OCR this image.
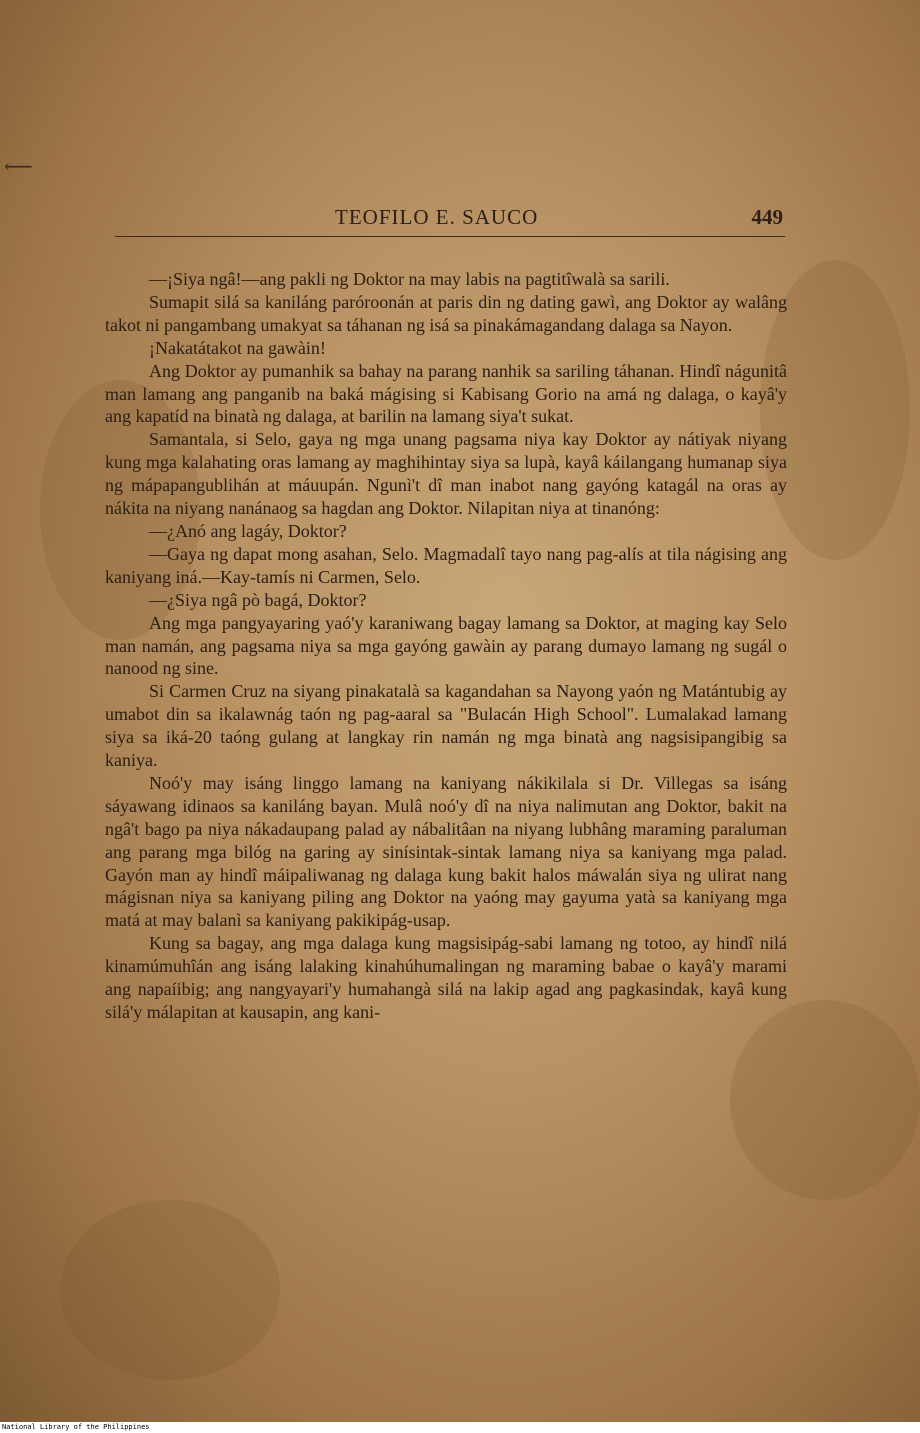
⟵
TEOFILO E. SAUCO	449

—¡Siya ngâ!—ang pakli ng Doktor na may labis na pagtitîwalà sa sarili.

Sumapit silá sa kaniláng paróroonán at paris din ng dating gawì, ang Doktor ay walâng takot ni pangambang umakyat sa táhanan ng isá sa pinakámagandang dalaga sa Nayon.

¡Nakatátakot na gawàin!

Ang Doktor ay pumanhik sa bahay na parang nanhik sa sariling táhanan. Hindî nágunitâ man lamang ang panganib na baká mágising si Kabisang Gorio na amá ng dalaga, o kayâ'y ang kapatíd na binatà ng dalaga, at barilin na lamang siya't sukat.

Samantala, si Selo, gaya ng mga unang pagsama niya kay Doktor ay nátiyak niyang kung mga kalahating oras lamang ay maghihintay siya sa lupà, kayâ káilangang humanap siya ng mápapangublihán at máuupán. Ngunì't dî man inabot nang gayóng katagál na oras ay nákita na niyang nanánaog sa hagdan ang Doktor. Nilapitan niya at tinanóng:

—¿Anó ang lagáy, Doktor?

—Gaya ng dapat mong asahan, Selo. Magmadalî tayo nang pag-alís at tila nágising ang kaniyang iná.—Kay-tamís ni Carmen, Selo.

—¿Siya ngâ pò bagá, Doktor?

Ang mga pangyayaring yaó'y karaniwang bagay lamang sa Doktor, at maging kay Selo man namán, ang pagsama niya sa mga gayóng gawàin ay parang dumayo lamang ng sugál o nanood ng sine.

Si Carmen Cruz na siyang pinakatalà sa kagandahan sa Nayong yaón ng Matántubig ay umabot din sa ikalawnág taón ng pag-aaral sa "Bulacán High School". Lumalakad lamang siya sa iká-20 taóng gulang at langkay rin namán ng mga binatà ang nagsisipangibig sa kaniya.

Noó'y may isáng linggo lamang na kaniyang nákikilala si Dr. Villegas sa isáng sáyawang idinaos sa kaniláng bayan. Mulâ noó'y dî na niya nalimutan ang Doktor, bakit na ngâ't bago pa niya nákadaupang palad ay nábalitâan na niyang lubhâng maraming paraluman ang parang mga bilóg na garing ay sinísintak-sintak lamang niya sa kaniyang mga palad. Gayón man ay hindî máipaliwanag ng dalaga kung bakit halos máwalán siya ng ulirat nang mágisnan niya sa kaniyang piling ang Doktor na yaóng may gayuma yatà sa kaniyang mga matá at may balanì sa kaniyang pakikipág-usap.

Kung sa bagay, ang mga dalaga kung magsisipág-sabi lamang ng totoo, ay hindî nilá kinamúmuhîán ang isáng lalaking kinahúhumalingan ng maraming babae o kayâ'y marami ang napaíibig; ang nangyayari'y humahangà silá na lakip agad ang pagkasindak, kayâ kung silá'y málapitan at kausapin, ang kani-

National Library of the Philippines
